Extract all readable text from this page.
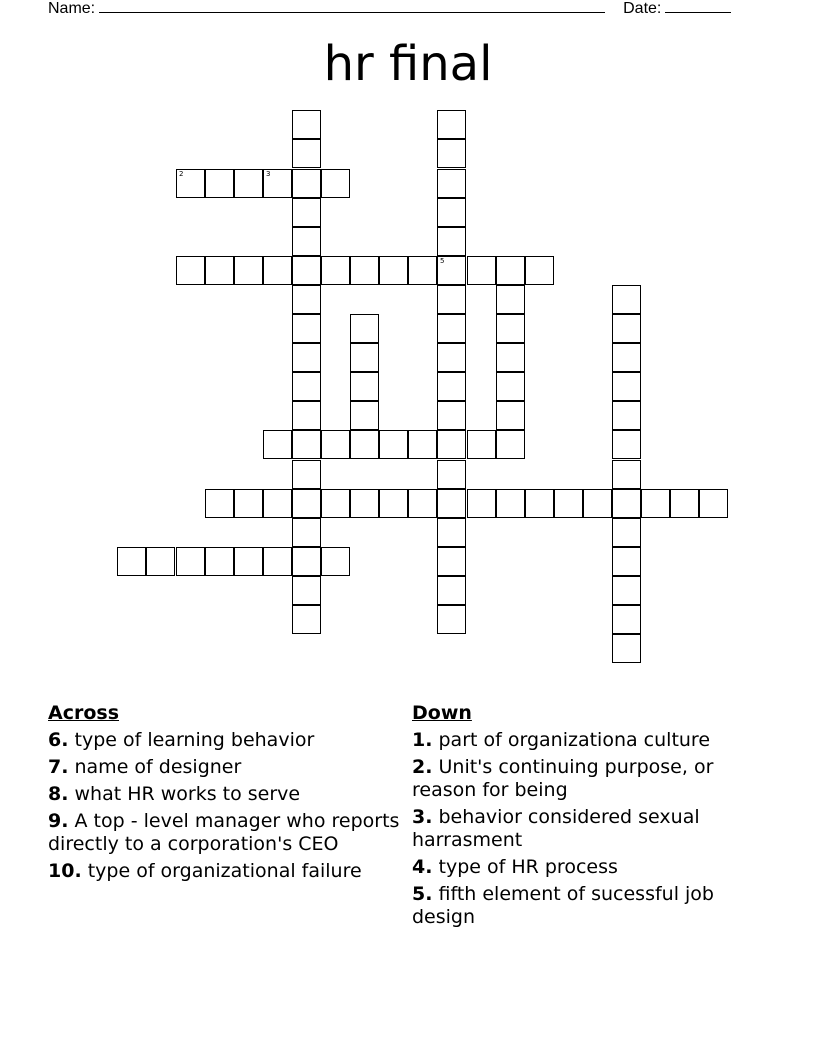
Name:	Date:
hr final
2	3
5
Across
6. type of learning behavior
7. name of designer
8. what HR works to serve
9. A top - level manager who reports directly to a corporation's CEO
10. type of organizational failure
Down
1. part of organizationa culture
2. Unit's continuing purpose, or reason for being
3. behavior considered sexual harrasment
4. type of HR process
5. fifth element of sucessful job design
